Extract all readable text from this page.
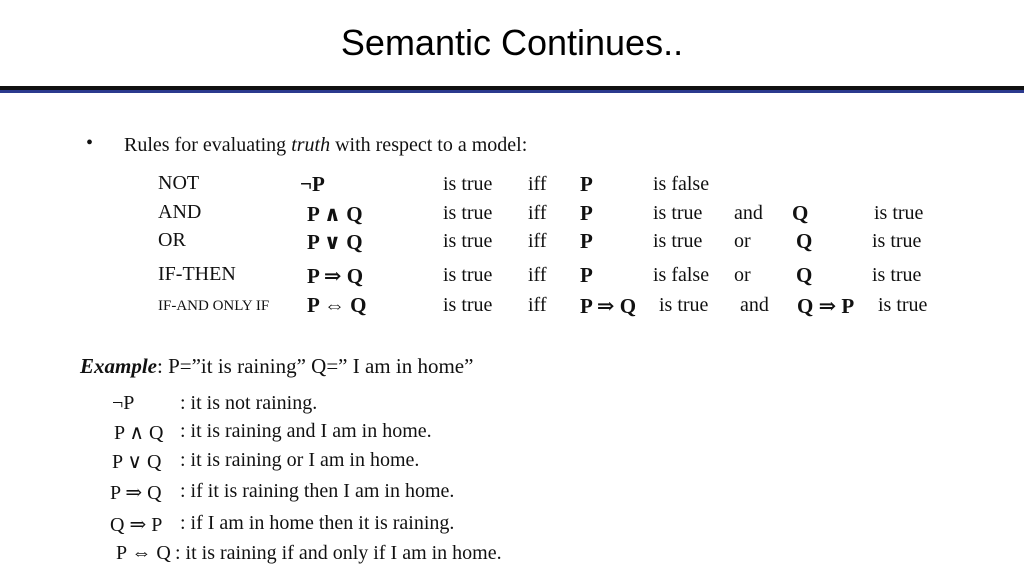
Semantic Continues..
• Rules for evaluating truth with respect to a model:
NOT	¬P	is true iff P	is false
AND	P ∧ Q	is true iff P	is true and Q	is true
OR	P ∨ Q	is true iff P	is true or Q	is true
IF-THEN	P ⇒ Q	is true iff P	is false or Q	is true
IF-AND ONLY IF P ⇔ Q	is true iff P ⇒ Q is true and Q ⇒ P is true
Example: P=”it is raining” Q=” I am in home”
¬P : it is not raining.
P ∧ Q : it is raining and I am in home.
P ∨ Q : it is raining or I am in home.
P ⇒ Q : if it is raining then I am in home.
Q ⇒ P : if I am in home then it is raining.
P ⇔ Q : it is raining if and only if I am in home.
